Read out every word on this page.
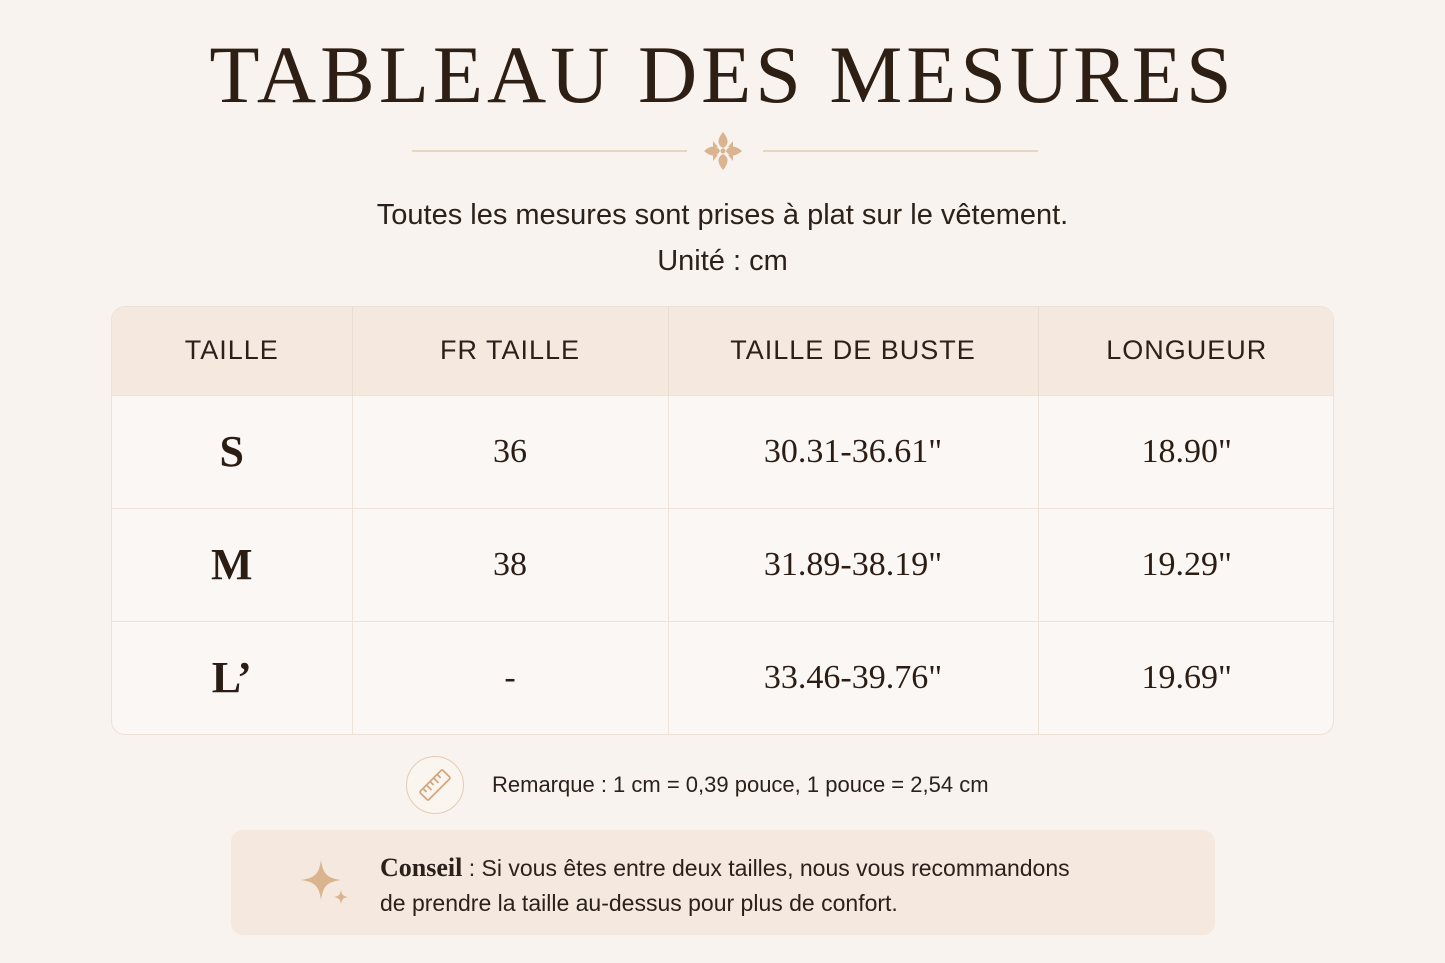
TABLEAU DES MESURES
Toutes les mesures sont prises à plat sur le vêtement.
Unité : cm
TAILLE	FR TAILLE	TAILLE DE BUSTE	LONGUEUR
S	36	30.31-36.61"	18.90"
M	38	31.89-38.19"	19.29"
L’	-	33.46-39.76"	19.69"
Remarque : 1 cm = 0,39 pouce, 1 pouce = 2,54 cm
Conseil : Si vous êtes entre deux tailles, nous vous recommandons
de prendre la taille au-dessus pour plus de confort.
